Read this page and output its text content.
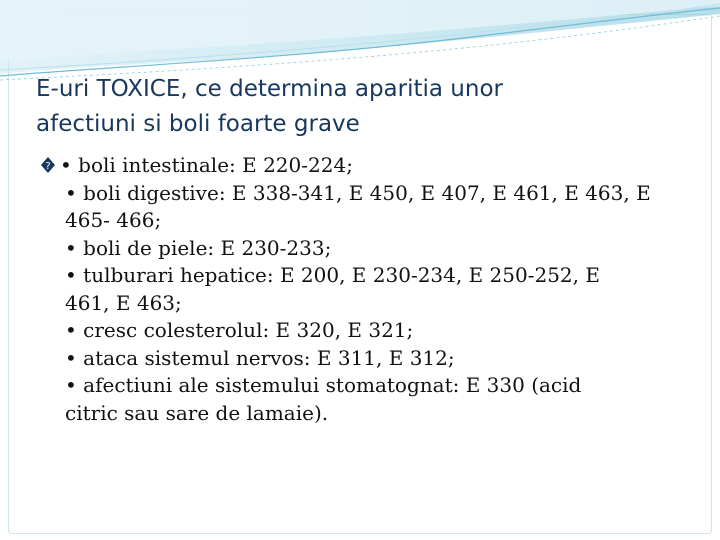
E-uri TOXICE, ce determina aparitia unor
afectiuni si boli foarte grave
? • boli intestinale: E 220-224;
• boli digestive: E 338-341, E 450, E 407, E 461, E 463, E
465- 466;
• boli de piele: E 230-233;
• tulburari hepatice: E 200, E 230-234, E 250-252, E
461, E 463;
• cresc colesterolul: E 320, E 321;
• ataca sistemul nervos: E 311, E 312;
• afectiuni ale sistemului stomatognat: E 330 (acid
citric sau sare de lamaie).
